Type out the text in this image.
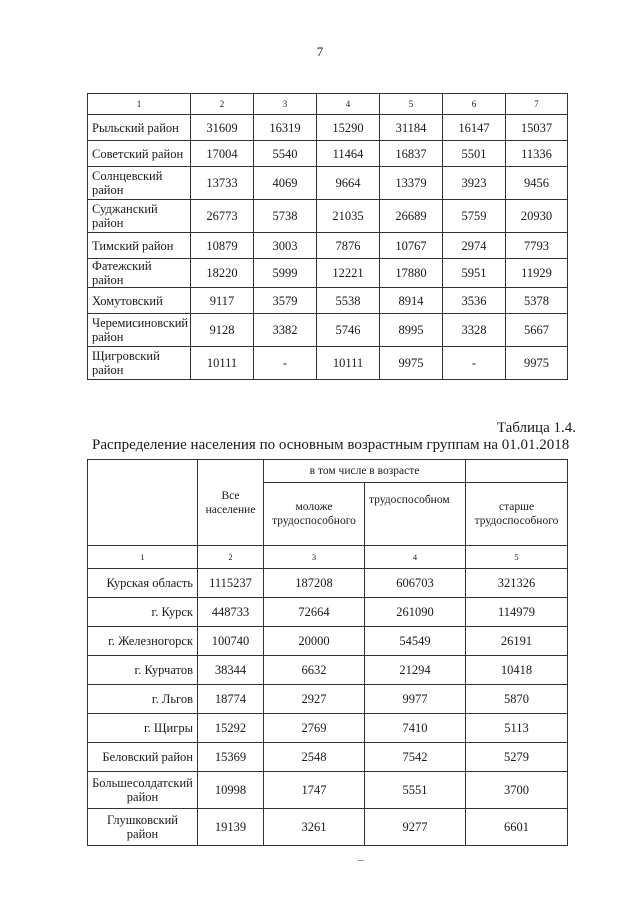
7
1	2	3	4	5	6	7
Рыльский район	31609	16319	15290	31184	16147	15037
Советский район	17004	5540	11464	16837	5501	11336
Солнцевский район	13733	4069	9664	13379	3923	9456
Суджанский район	26773	5738	21035	26689	5759	20930
Тимский район	10879	3003	7876	10767	2974	7793
Фатежский район	18220	5999	12221	17880	5951	11929
Хомутовский	9117	3579	5538	8914	3536	5378
Черемисиновский район	9128	3382	5746	8995	3328	5667
Щигровский район	10111	-	10111	9975	-	9975
Таблица 1.4.
Распределение населения по основным возрастным группам на 01.01.2018
	Все население	в том числе в возрасте		
		моложе трудоспособного	трудоспособном	старше трудоспособного
1	2	3	4	5
Курская область	1115237	187208	606703	321326
г. Курск	448733	72664	261090	114979
г. Железногорск	100740	20000	54549	26191
г. Курчатов	38344	6632	21294	10418
г. Льгов	18774	2927	9977	5870
г. Щигры	15292	2769	7410	5113
Беловский район	15369	2548	7542	5279
Большесолдатский район	10998	1747	5551	3700
Глушковский район	19139	3261	9277	6601
